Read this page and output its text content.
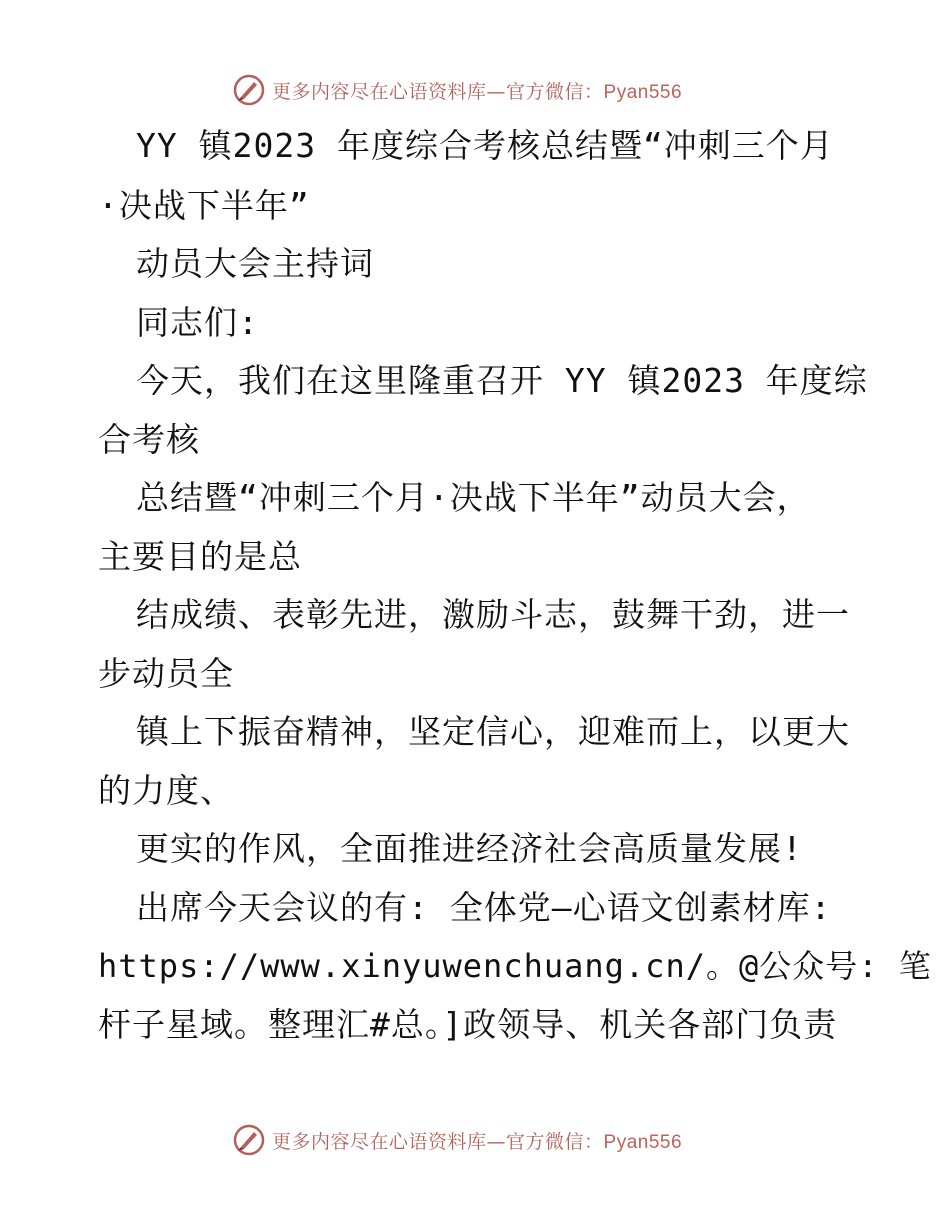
更多内容尽在心语资料库—官方微信：Pyan556
YY 镇2023 年度综合考核总结暨“冲刺三个月
·决战下半年”
动员大会主持词
同志们:
今天，我们在这里隆重召开 YY 镇2023 年度综
合考核
总结暨“冲刺三个月·决战下半年”动员大会，
主要目的是总
结成绩、表彰先进，激励斗志，鼓舞干劲，进一
步动员全
镇上下振奋精神，坚定信心，迎难而上，以更大
的力度、
更实的作风，全面推进经济社会高质量发展!
出席今天会议的有: 全体党—心语文创素材库:
https://www.xinyuwenchuang.cn/。@公众号: 笔
杆子星域。整理汇#总。]政领导、机关各部门负责
更多内容尽在心语资料库—官方微信：Pyan556
